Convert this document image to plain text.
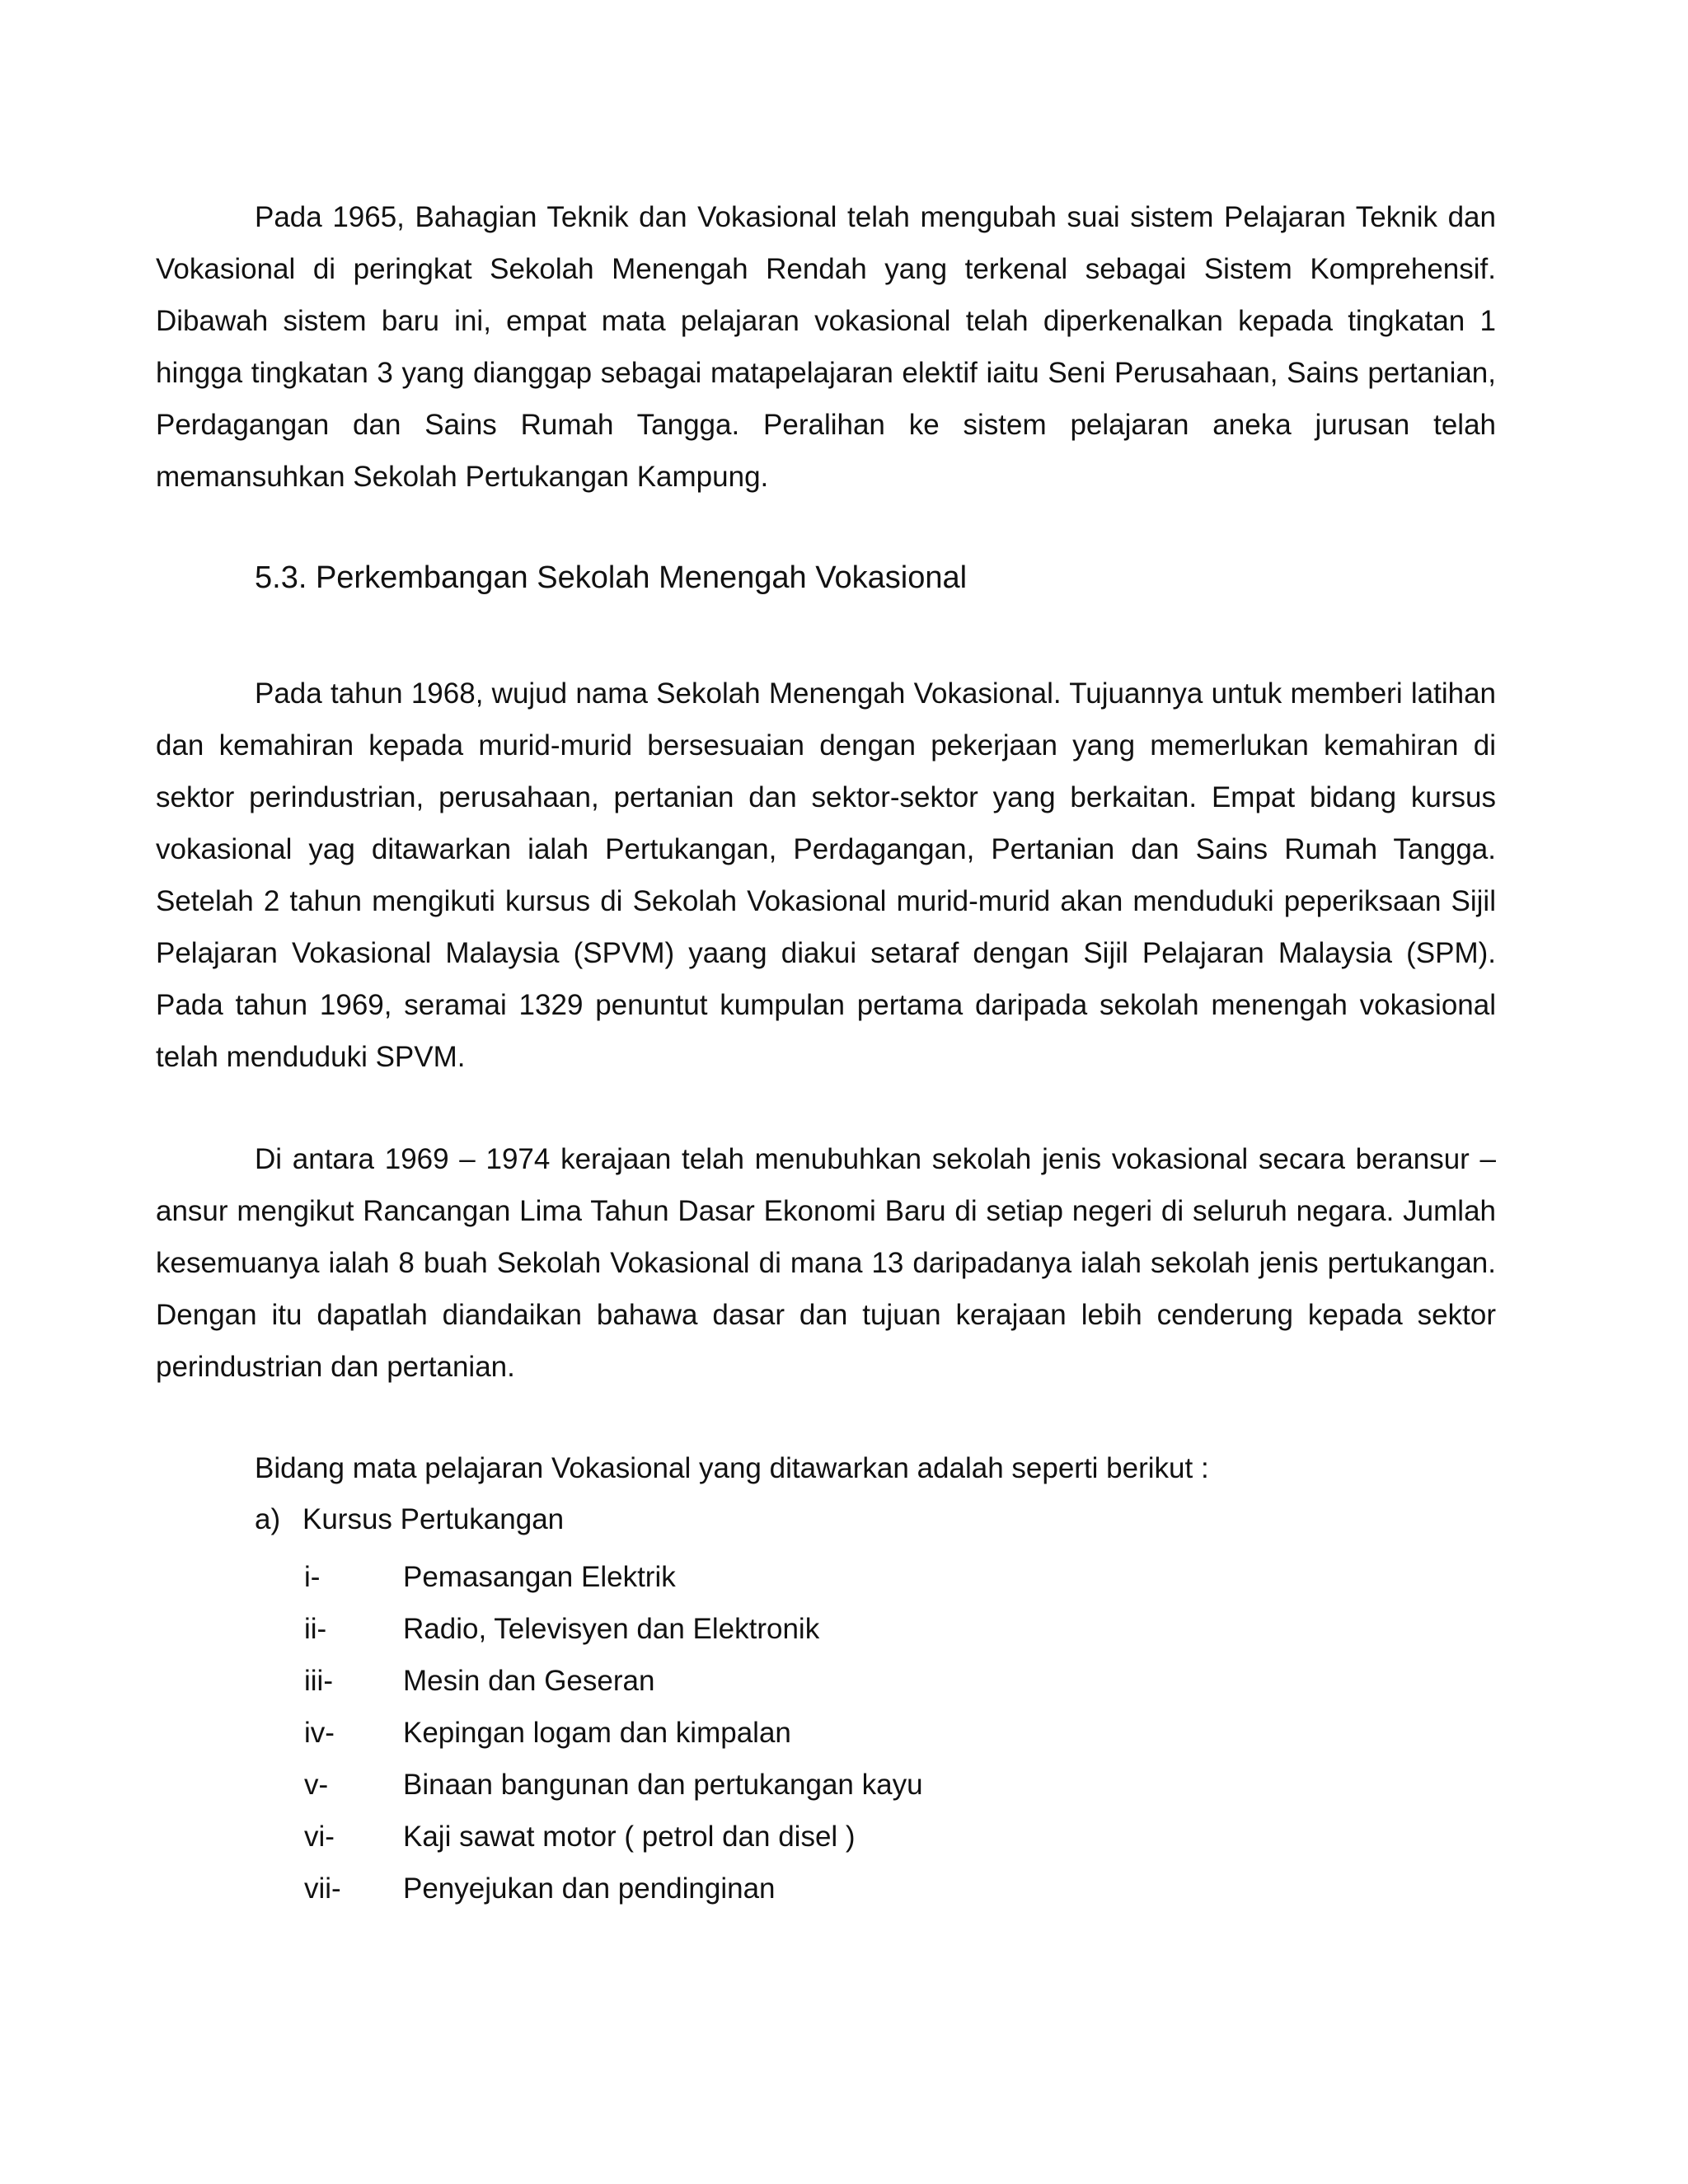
Pada 1965, Bahagian Teknik dan Vokasional telah mengubah suai sistem Pelajaran Teknik dan Vokasional di peringkat Sekolah Menengah Rendah yang terkenal sebagai Sistem Komprehensif. Dibawah sistem baru ini, empat mata pelajaran vokasional telah diperkenalkan kepada tingkatan 1 hingga tingkatan 3 yang dianggap sebagai matapelajaran elektif iaitu Seni Perusahaan, Sains pertanian, Perdagangan dan Sains Rumah Tangga. Peralihan ke sistem pelajaran aneka jurusan telah memansuhkan Sekolah Pertukangan Kampung.

5.3. Perkembangan Sekolah Menengah Vokasional

Pada tahun 1968, wujud nama Sekolah Menengah Vokasional. Tujuannya untuk memberi latihan dan kemahiran kepada murid-murid bersesuaian dengan pekerjaan yang memerlukan kemahiran di sektor perindustrian, perusahaan, pertanian dan sektor-sektor yang berkaitan. Empat bidang kursus vokasional yag ditawarkan ialah Pertukangan, Perdagangan, Pertanian dan Sains Rumah Tangga. Setelah 2 tahun mengikuti kursus di Sekolah Vokasional murid-murid akan menduduki peperiksaan Sijil Pelajaran Vokasional Malaysia (SPVM) yaang diakui setaraf dengan Sijil Pelajaran Malaysia (SPM). Pada tahun 1969, seramai 1329 penuntut kumpulan pertama daripada sekolah menengah vokasional telah menduduki SPVM.

Di antara 1969 – 1974 kerajaan telah menubuhkan sekolah jenis vokasional secara beransur – ansur mengikut Rancangan Lima Tahun Dasar Ekonomi Baru di setiap negeri di seluruh negara. Jumlah kesemuanya ialah 8 buah Sekolah Vokasional di mana 13 daripadanya ialah sekolah jenis pertukangan. Dengan itu dapatlah diandaikan bahawa dasar dan tujuan kerajaan lebih cenderung kepada sektor perindustrian dan pertanian.

Bidang mata pelajaran Vokasional yang ditawarkan adalah seperti berikut :

a) Kursus Pertukangan

i-	Pemasangan Elektrik
ii-	Radio, Televisyen dan Elektronik
iii- Mesin dan Geseran
iv- Kepingan logam dan kimpalan
v-	Binaan bangunan dan pertukangan kayu
vi- Kaji sawat motor ( petrol dan disel )
vii- Penyejukan dan pendinginan
